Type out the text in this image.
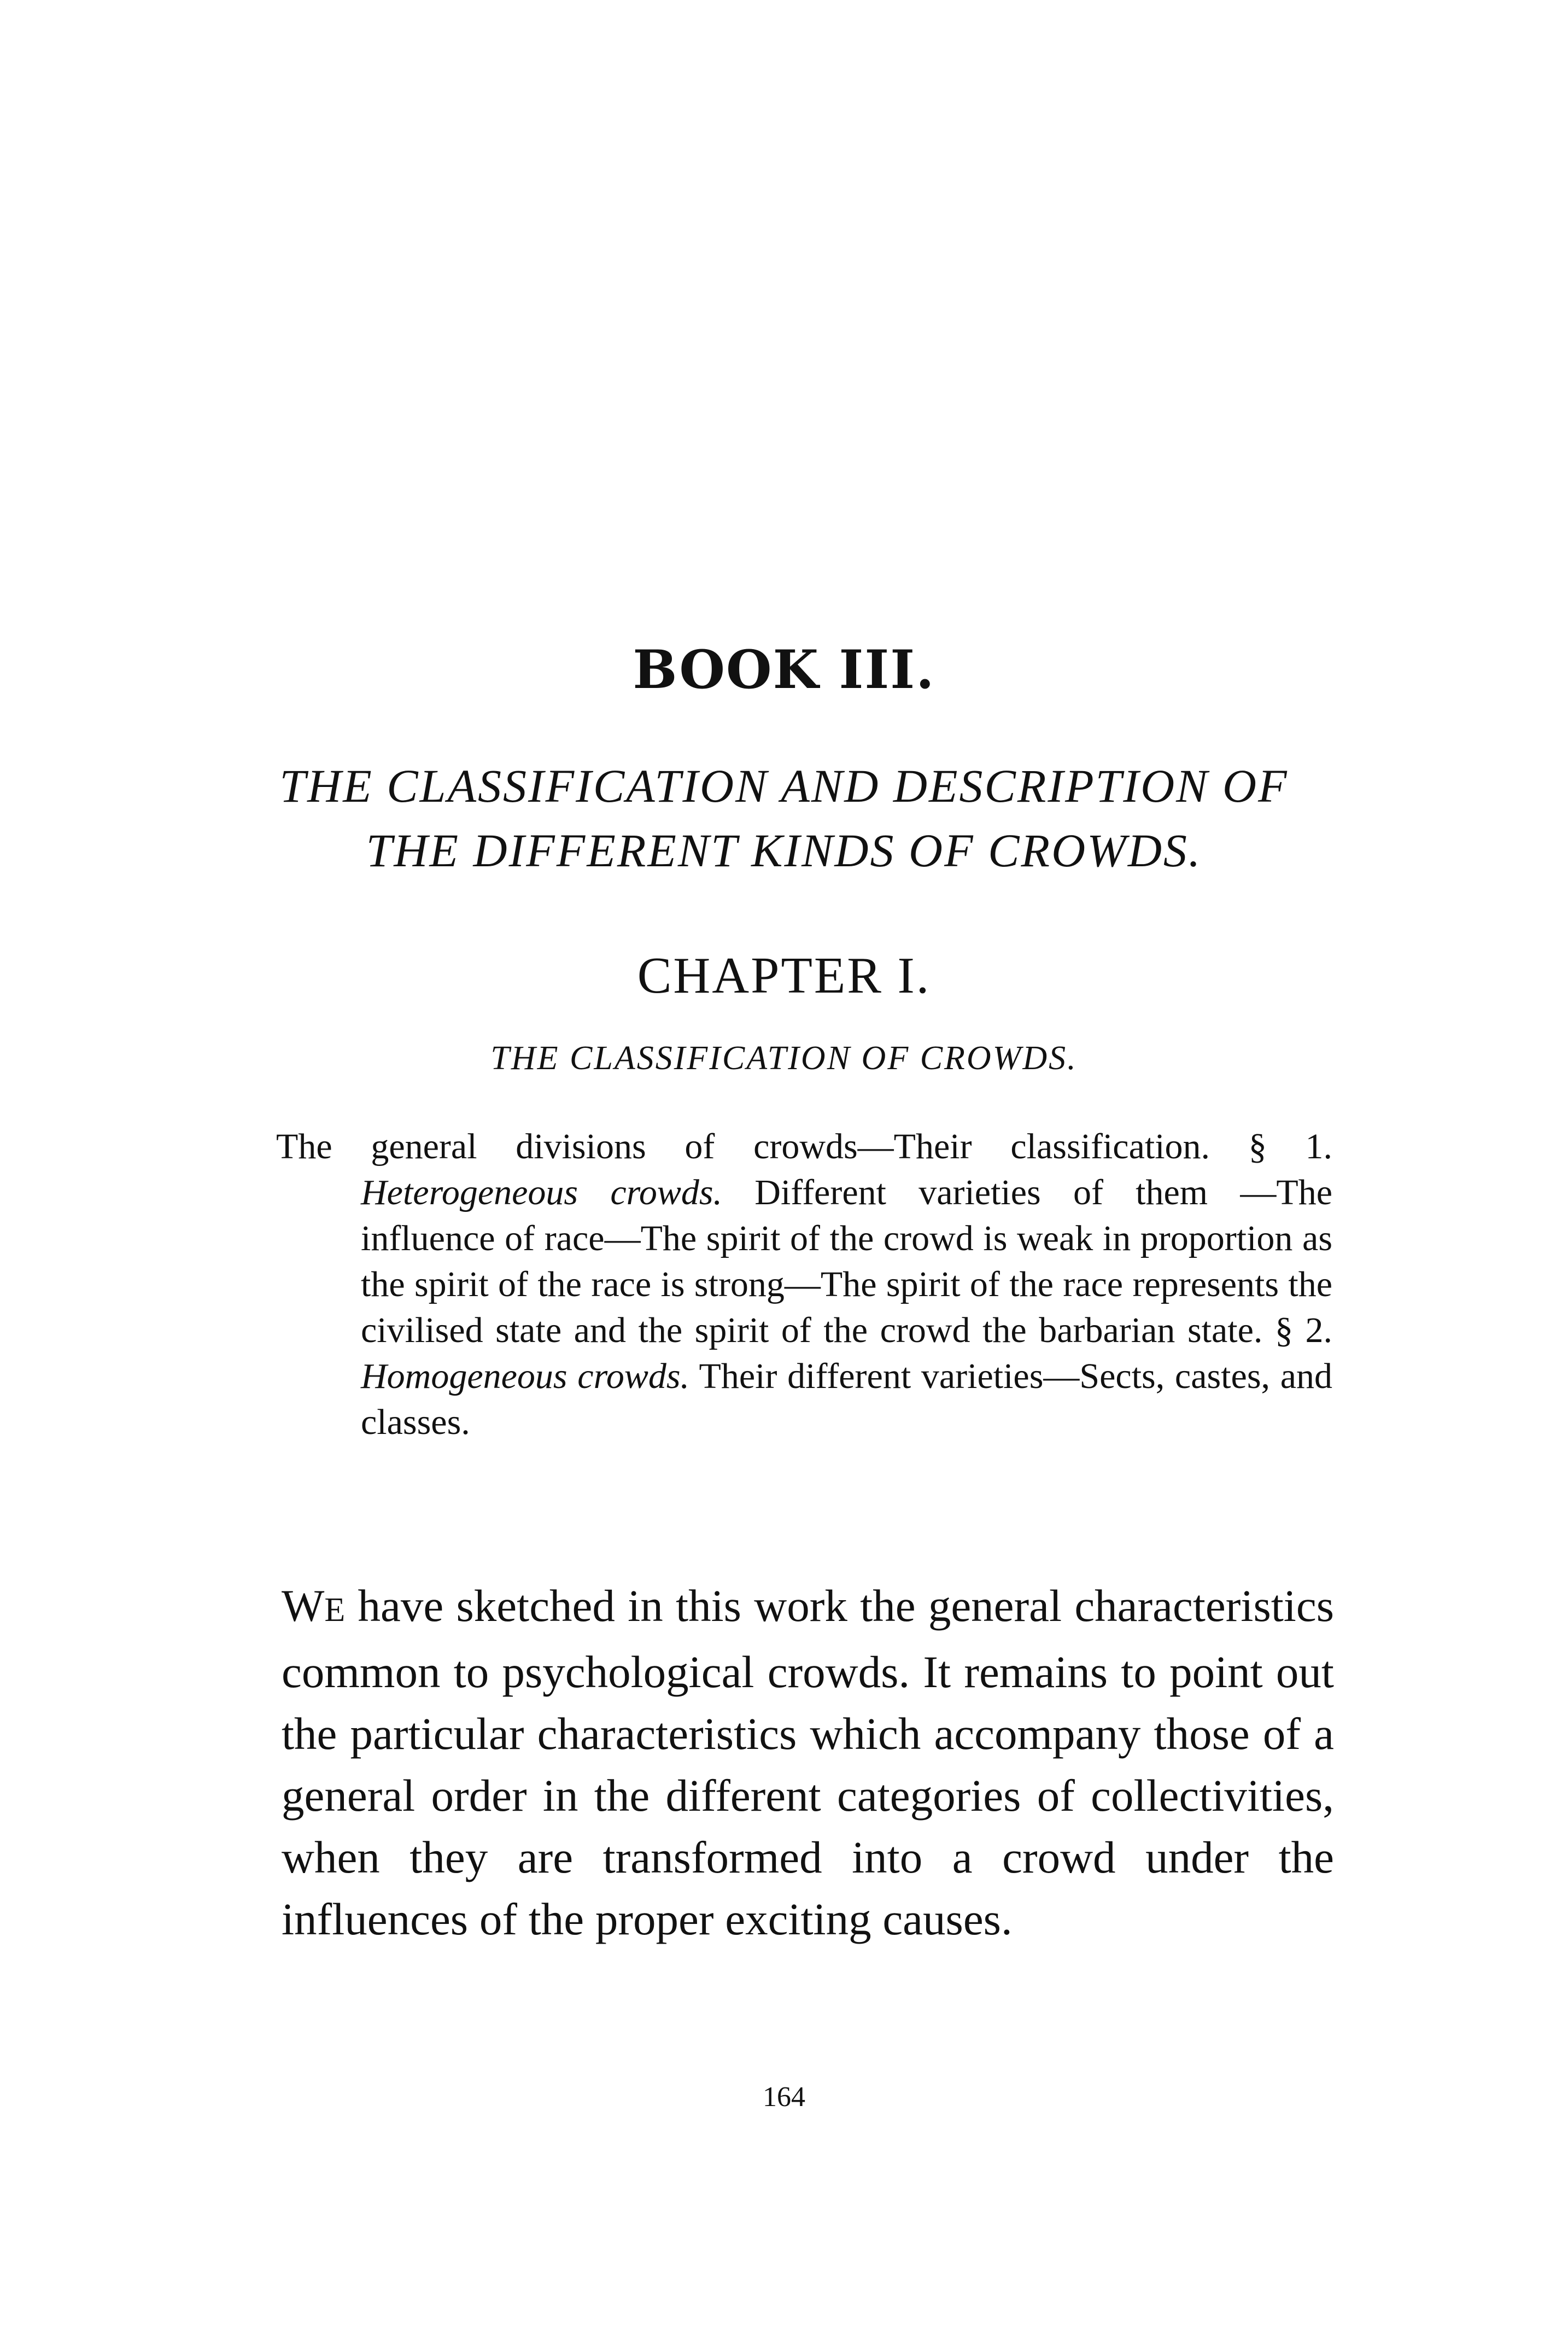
BOOK III.
THE CLASSIFICATION AND DESCRIPTION OF
THE DIFFERENT KINDS OF CROWDS.
CHAPTER I.
THE CLASSIFICATION OF CROWDS.
The general divisions of crowds—Their classification. § 1. Heterogeneous crowds. Different varieties of them —The influence of race—The spirit of the crowd is weak in proportion as the spirit of the race is strong—The spirit of the race represents the civilised state and the spirit of the crowd the barbarian state. § 2. Homogeneous crowds. Their different varieties—Sects, castes, and classes.
WE have sketched in this work the general characteristics common to psychological crowds. It remains to point out the particular characteristics which accompany those of a general order in the different categories of collectivities, when they are transformed into a crowd under the influences of the proper exciting causes.
164
